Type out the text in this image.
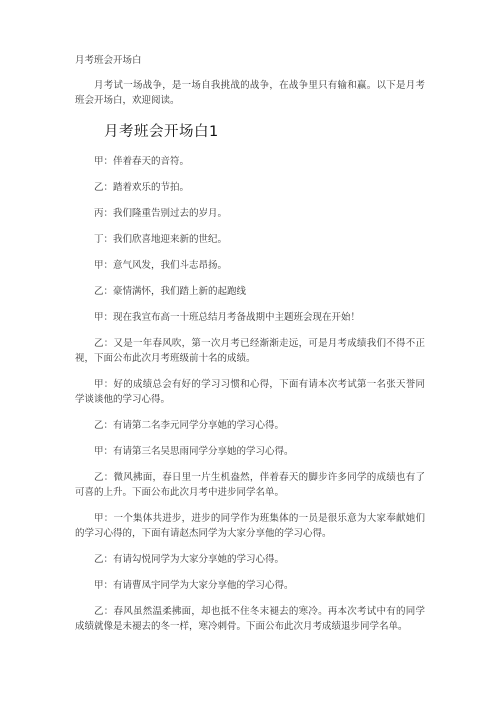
月考班会开场白

月考试一场战争，是一场自我挑战的战争，在战争里只有输和赢。以下是月考班会开场白，欢迎阅读。

月考班会开场白1

甲：伴着春天的音符。

乙：踏着欢乐的节拍。

丙：我们隆重告别过去的岁月。

丁：我们欣喜地迎来新的世纪。

甲：意气风发，我们斗志昂扬。

乙：豪情满怀，我们踏上新的起跑线

甲：现在我宣布高一十班总结月考备战期中主题班会现在开始！

乙：又是一年春风吹，第一次月考已经渐渐走远，可是月考成绩我们不得不正视，下面公布此次月考班级前十名的成绩。

甲：好的成绩总会有好的学习习惯和心得，下面有请本次考试第一名张天誉同学谈谈他的学习心得。

乙：有请第二名李元同学分享她的学习心得。

甲：有请第三名吴思雨同学分享她的学习心得。

乙：微风拂面，春日里一片生机盎然，伴着春天的脚步许多同学的成绩也有了可喜的上升。下面公布此次月考中进步同学名单。

甲：一个集体共进步，进步的同学作为班集体的一员是很乐意为大家奉献她们的学习心得的，下面有请赵杰同学为大家分享他的学习心得。

乙：有请勾悦同学为大家分享她的学习心得。

甲：有请曹凤宇同学为大家分享他的学习心得。

乙：春风虽然温柔拂面，却也抵不住冬末褪去的寒冷。再本次考试中有的同学成绩就像是未褪去的冬一样，寒冷刺骨。下面公布此次月考成绩退步同学名单。
